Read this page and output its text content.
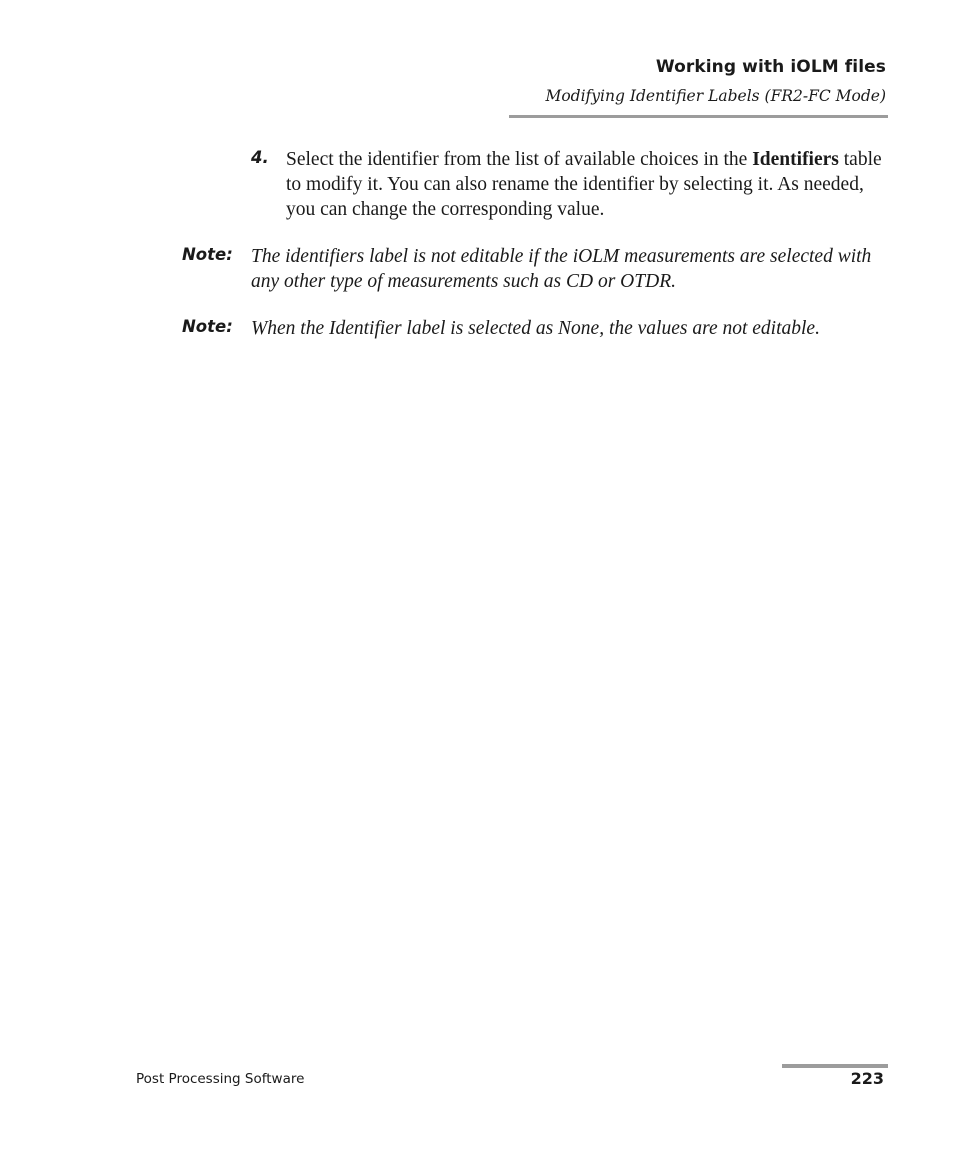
Working with iOLM files
Modifying Identifier Labels (FR2-FC Mode)
4. Select the identifier from the list of available choices in the Identifiers table to modify it. You can also rename the identifier by selecting it. As needed, you can change the corresponding value.
Note: The identifiers label is not editable if the iOLM measurements are selected with any other type of measurements such as CD or OTDR.
Note: When the Identifier label is selected as None, the values are not editable.
Post Processing Software	223
